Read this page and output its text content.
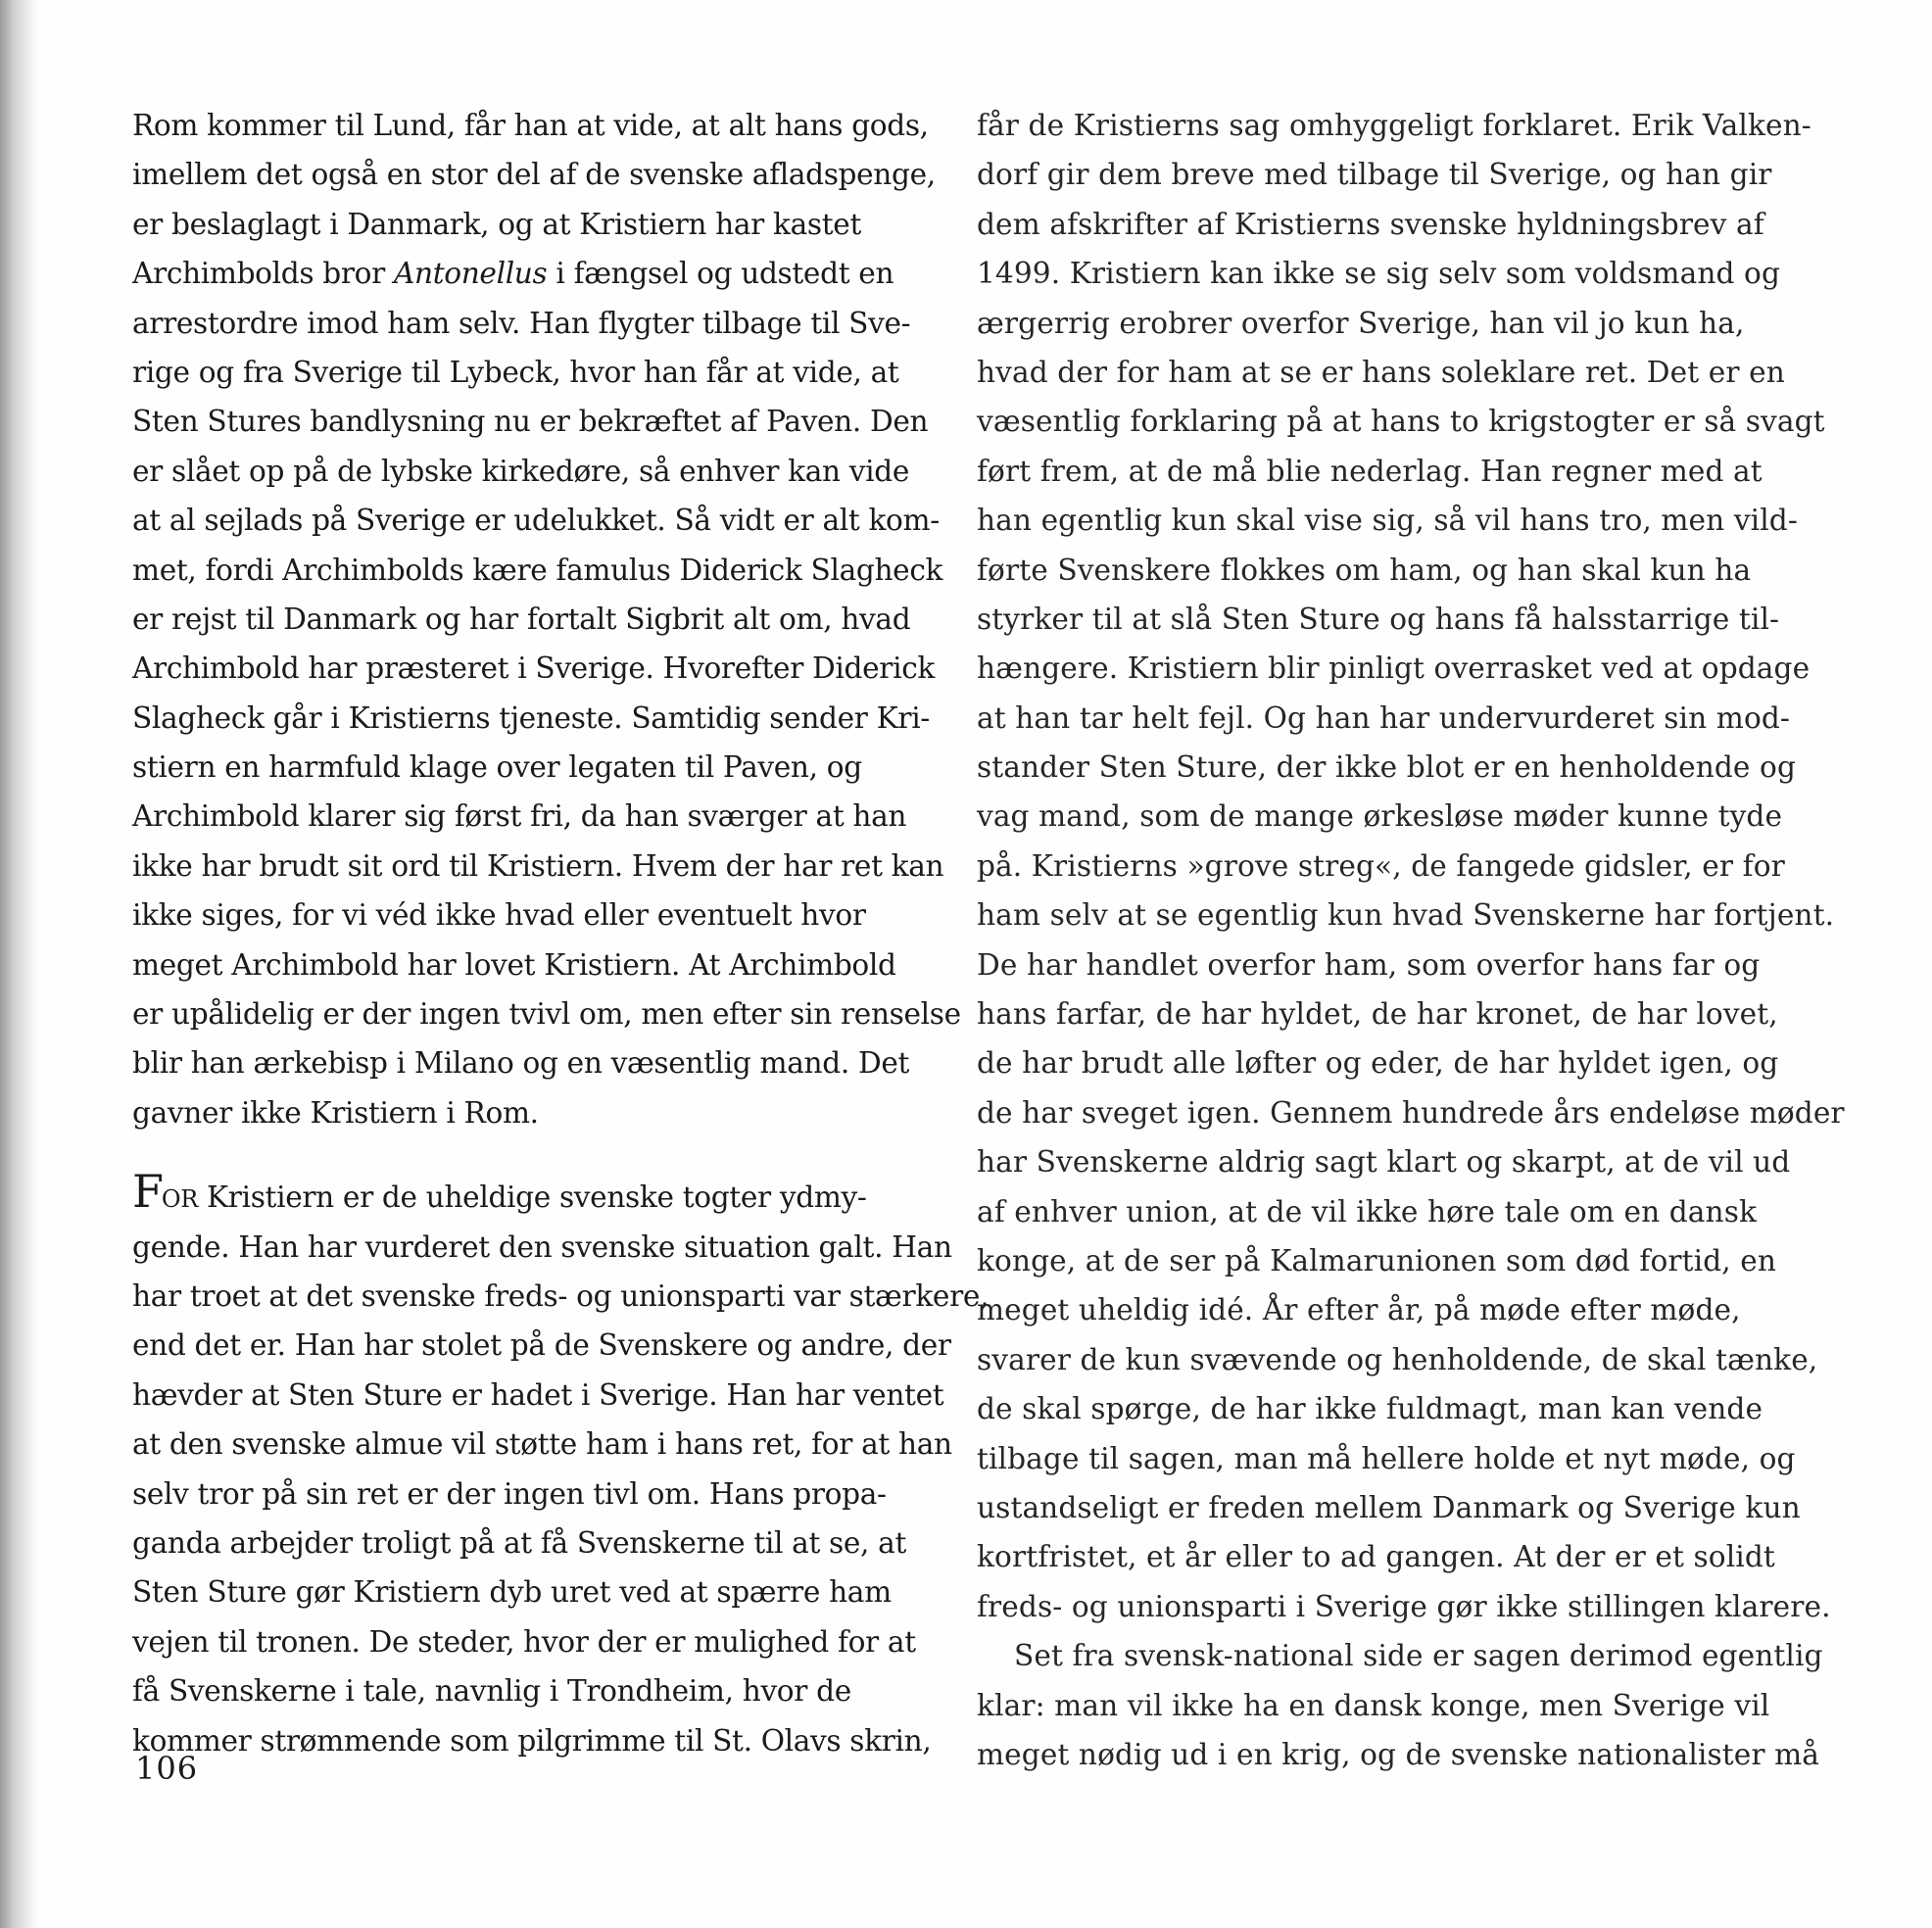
Rom kommer til Lund, får han at vide, at alt hans gods,
imellem det også en stor del af de svenske afladspenge,
er beslaglagt i Danmark, og at Kristiern har kastet
Archimbolds bror Antonellus i fængsel og udstedt en
arrestordre imod ham selv. Han flygter tilbage til Sve-
rige og fra Sverige til Lybeck, hvor han får at vide, at
Sten Stures bandlysning nu er bekræftet af Paven. Den
er slået op på de lybske kirkedøre, så enhver kan vide
at al sejlads på Sverige er udelukket. Så vidt er alt kom-
met, fordi Archimbolds kære famulus Diderick Slagheck
er rejst til Danmark og har fortalt Sigbrit alt om, hvad
Archimbold har præsteret i Sverige. Hvorefter Diderick
Slagheck går i Kristierns tjeneste. Samtidig sender Kri-
stiern en harmfuld klage over legaten til Paven, og
Archimbold klarer sig først fri, da han sværger at han
ikke har brudt sit ord til Kristiern. Hvem der har ret kan
ikke siges, for vi véd ikke hvad eller eventuelt hvor
meget Archimbold har lovet Kristiern. At Archimbold
er upålidelig er der ingen tvivl om, men efter sin renselse
blir han ærkebisp i Milano og en væsentlig mand. Det
gavner ikke Kristiern i Rom.
FOR Kristiern er de uheldige svenske togter ydmy-
gende. Han har vurderet den svenske situation galt. Han
har troet at det svenske freds- og unionsparti var stærkere,
end det er. Han har stolet på de Svenskere og andre, der
hævder at Sten Sture er hadet i Sverige. Han har ventet
at den svenske almue vil støtte ham i hans ret, for at han
selv tror på sin ret er der ingen tivl om. Hans propa-
ganda arbejder troligt på at få Svenskerne til at se, at
Sten Sture gør Kristiern dyb uret ved at spærre ham
vejen til tronen. De steder, hvor der er mulighed for at
få Svenskerne i tale, navnlig i Trondheim, hvor de
kommer strømmende som pilgrimme til St. Olavs skrin,
får de Kristierns sag omhyggeligt forklaret. Erik Valken-
dorf gir dem breve med tilbage til Sverige, og han gir
dem afskrifter af Kristierns svenske hyldningsbrev af
1499. Kristiern kan ikke se sig selv som voldsmand og
ærgerrig erobrer overfor Sverige, han vil jo kun ha,
hvad der for ham at se er hans soleklare ret. Det er en
væsentlig forklaring på at hans to krigstogter er så svagt
ført frem, at de må blie nederlag. Han regner med at
han egentlig kun skal vise sig, så vil hans tro, men vild-
førte Svenskere flokkes om ham, og han skal kun ha
styrker til at slå Sten Sture og hans få halsstarrige til-
hængere. Kristiern blir pinligt overrasket ved at opdage
at han tar helt fejl. Og han har undervurderet sin mod-
stander Sten Sture, der ikke blot er en henholdende og
vag mand, som de mange ørkesløse møder kunne tyde
på. Kristierns »grove streg«, de fangede gidsler, er for
ham selv at se egentlig kun hvad Svenskerne har fortjent.
De har handlet overfor ham, som overfor hans far og
hans farfar, de har hyldet, de har kronet, de har lovet,
de har brudt alle løfter og eder, de har hyldet igen, og
de har sveget igen. Gennem hundrede års endeløse møder
har Svenskerne aldrig sagt klart og skarpt, at de vil ud
af enhver union, at de vil ikke høre tale om en dansk
konge, at de ser på Kalmarunionen som død fortid, en
meget uheldig idé. År efter år, på møde efter møde,
svarer de kun svævende og henholdende, de skal tænke,
de skal spørge, de har ikke fuldmagt, man kan vende
tilbage til sagen, man må hellere holde et nyt møde, og
ustandseligt er freden mellem Danmark og Sverige kun
kortfristet, et år eller to ad gangen. At der er et solidt
freds- og unionsparti i Sverige gør ikke stillingen klarere.
Set fra svensk-national side er sagen derimod egentlig
klar: man vil ikke ha en dansk konge, men Sverige vil
meget nødig ud i en krig, og de svenske nationalister må
106
